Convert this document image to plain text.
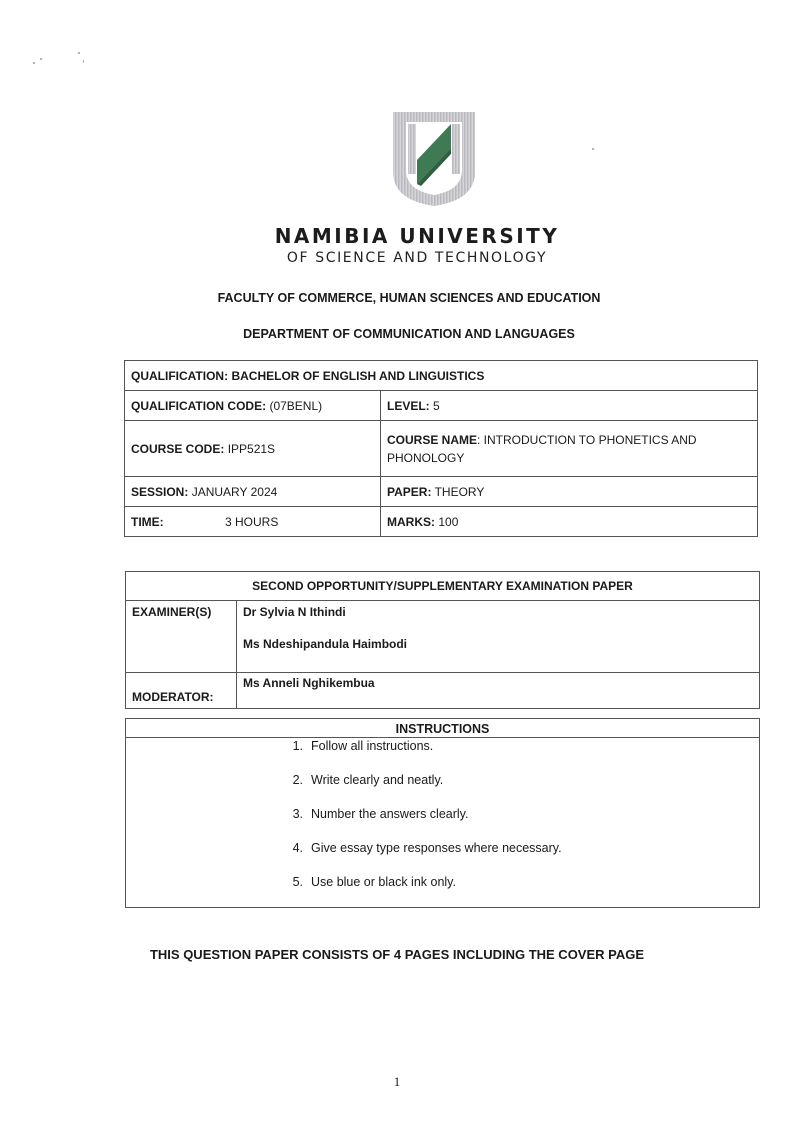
NAMIBIA UNIVERSITY
OF SCIENCE AND TECHNOLOGY
FACULTY OF COMMERCE, HUMAN SCIENCES AND EDUCATION
DEPARTMENT OF COMMUNICATION AND LANGUAGES
QUALIFICATION: BACHELOR OF ENGLISH AND LINGUISTICS	
QUALIFICATION CODE: (07BENL)	LEVEL: 5
COURSE CODE: IPP521S	COURSE NAME: INTRODUCTION TO PHONETICS AND PHONOLOGY
SESSION: JANUARY 2024	PAPER: THEORY
TIME: 3 HOURS	MARKS: 100
SECOND OPPORTUNITY/SUPPLEMENTARY EXAMINATION PAPER	
EXAMINER(S)	Dr Sylvia N Ithindi
Ms Ndeshipandula Haimbodi

MODERATOR:	Ms Anneli Nghikembua
INSTRUCTIONS
1. Follow all instructions.
2. Write clearly and neatly.
3. Number the answers clearly.
4. Give essay type responses where necessary.
5. Use blue or black ink only.
THIS QUESTION PAPER CONSISTS OF 4 PAGES INCLUDING THE COVER PAGE
1
